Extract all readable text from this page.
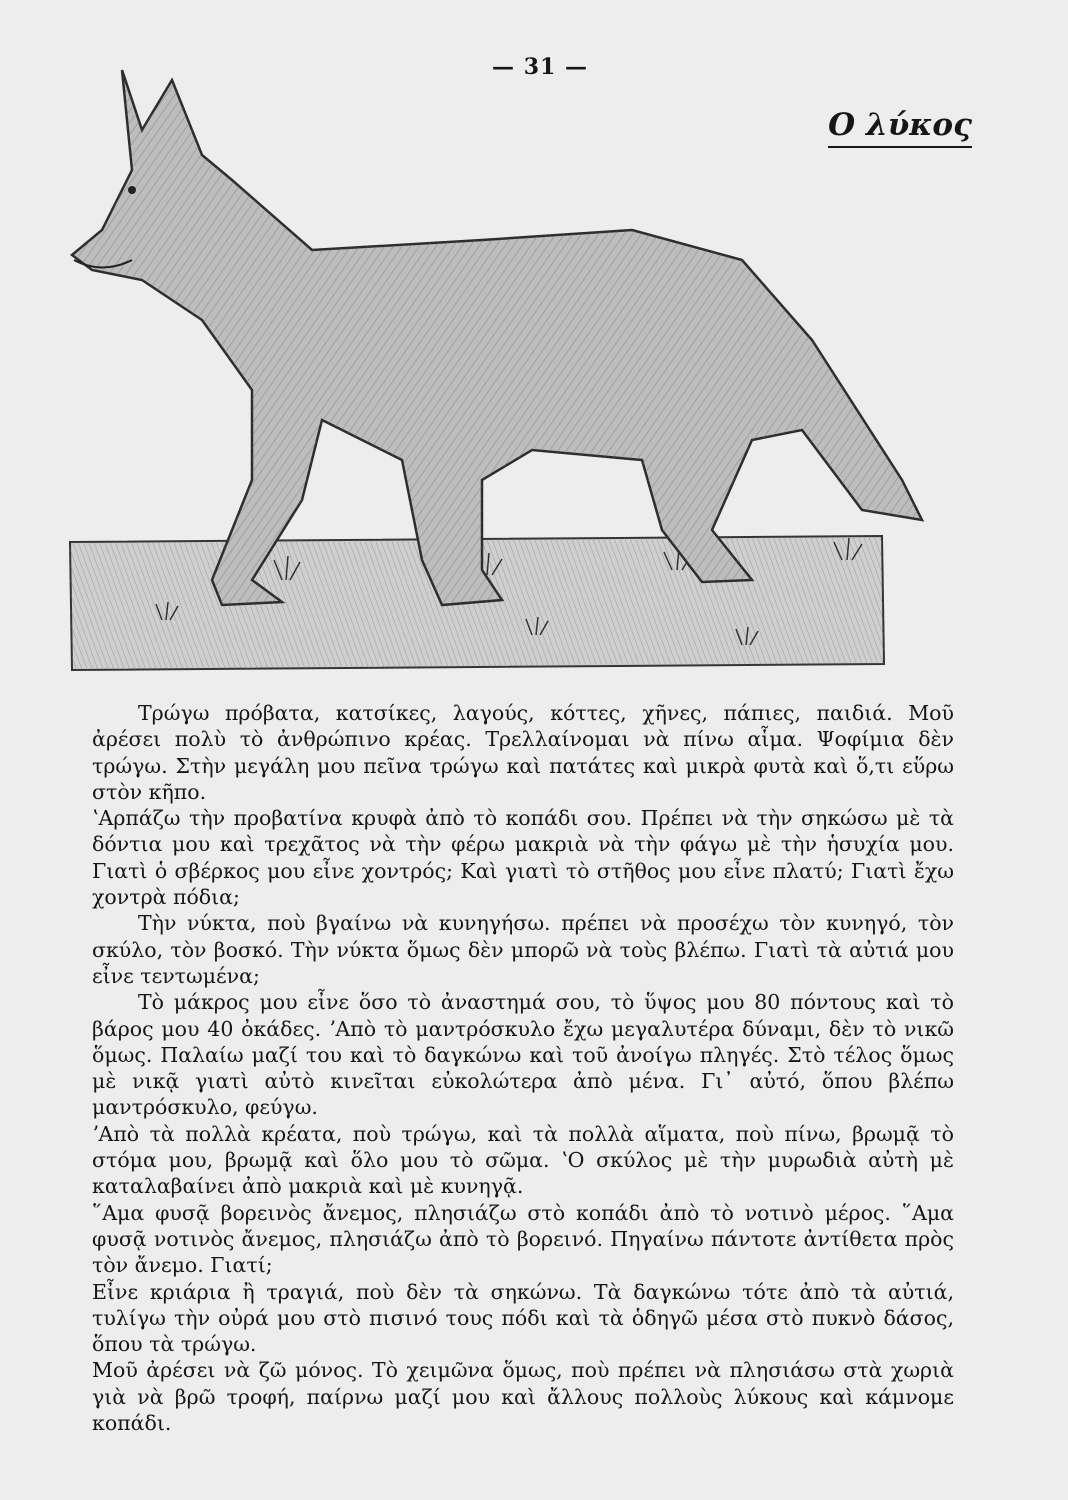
— 31 —
Ο λύκος

Τρώγω πρόβατα, κατσίκες, λαγούς, κόττες, χῆνες, πάπιες, παιδιά. Μοῦ ἀρέσει πολὺ τὸ ἀνθρώπινο κρέας. Τρελλαίνομαι νὰ πίνω αἷμα. Ψοφίμια δὲν τρώγω. Στὴν μεγάλη μου πεῖνα τρώγω καὶ πατάτες καὶ μικρὰ φυτὰ καὶ ὅ,τι εὕρω στὸν κῆπο.

ʽΑρπάζω τὴν προβατίνα κρυφὰ ἀπὸ τὸ κοπάδι σου. Πρέπει νὰ τὴν σηκώσω μὲ τὰ δόντια μου καὶ τρεχᾶτος νὰ τὴν φέρω μακριὰ νὰ τὴν φάγω μὲ τὴν ἡσυχία μου. Γιατὶ ὁ σβέρκος μου εἶνε χοντρός; Καὶ γιατὶ τὸ στῆθος μου εἶνε πλατύ; Γιατὶ ἔχω χοντρὰ πόδια;

Τὴν νύκτα, ποὺ βγαίνω νὰ κυνηγήσω. πρέπει νὰ προσέχω τὸν κυνηγό, τὸν σκύλο, τὸν βοσκό. Τὴν νύκτα ὅμως δὲν μπορῶ νὰ τοὺς βλέπω. Γιατὶ τὰ αὐτιά μου εἶνε τεντωμένα;

Τὸ μάκρος μου εἶνε ὅσο τὸ ἀναστημά σου, τὸ ὕψος μου 80 πόντους καὶ τὸ βάρος μου 40 ὀκάδες. ʼΑπὸ τὸ μαντρόσκυλο ἔχω μεγαλυτέρα δύναμι, δὲν τὸ νικῶ ὅμως. Παλαίω μαζί του καὶ τὸ δαγκώνω καὶ τοῦ ἀνοίγω πληγές. Στὸ τέλος ὅμως μὲ νικᾷ γιατὶ αὐτὸ κινεῖται εὐκολώτερα ἀπὸ μένα. Γι᾿ αὐτό, ὅπου βλέπω μαντρόσκυλο, φεύγω.

ʼΑπὸ τὰ πολλὰ κρέατα, ποὺ τρώγω, καὶ τὰ πολλὰ αἵματα, ποὺ πίνω, βρωμᾷ τὸ στόμα μου, βρωμᾷ καὶ ὅλο μου τὸ σῶμα. ʽΟ σκύλος μὲ τὴν μυρωδιὰ αὐτὴ μὲ καταλαβαίνει ἀπὸ μακριὰ καὶ μὲ κυνηγᾷ.

῞Αμα φυσᾷ βορεινὸς ἄνεμος, πλησιάζω στὸ κοπάδι ἀπὸ τὸ νοτινὸ μέρος. ῞Αμα φυσᾷ νοτινὸς ἄνεμος, πλησιάζω ἀπὸ τὸ βορεινό. Πηγαίνω πάντοτε ἀντίθετα πρὸς τὸν ἄνεμο. Γιατί;

Εἶνε κριάρια ἢ τραγιά, ποὺ δὲν τὰ σηκώνω. Τὰ δαγκώνω τότε ἀπὸ τὰ αὐτιά, τυλίγω τὴν οὐρά μου στὸ πισινό τους πόδι καὶ τὰ ὁδηγῶ μέσα στὸ πυκνὸ δάσος, ὅπου τὰ τρώγω.

Μοῦ ἀρέσει νὰ ζῶ μόνος. Τὸ χειμῶνα ὅμως, ποὺ πρέπει νὰ πλησιάσω στὰ χωριὰ γιὰ νὰ βρῶ τροφή, παίρνω μαζί μου καὶ ἄλλους πολλοὺς λύκους καὶ κάμνομε κοπάδι.
